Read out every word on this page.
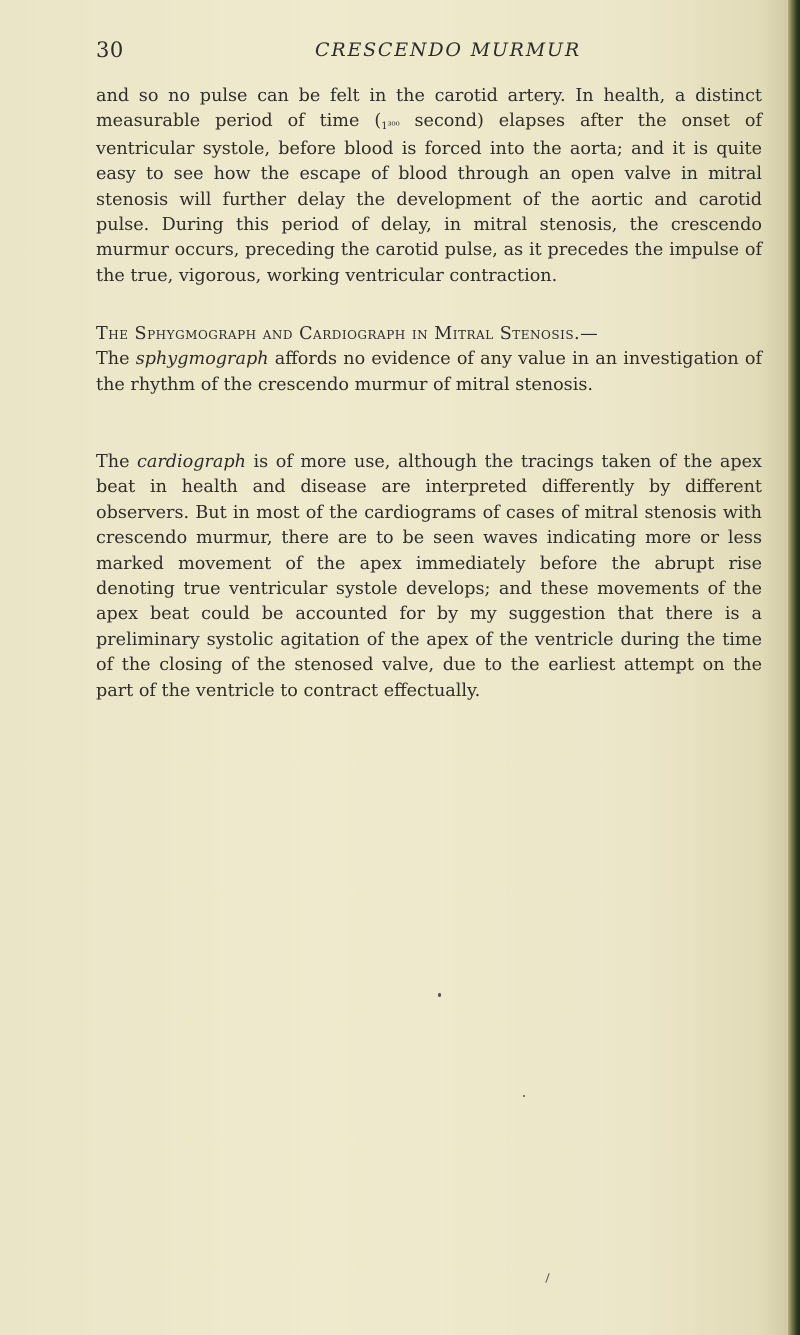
30	CRESCENDO MURMUR

and so no pulse can be felt in the carotid artery. In health, a distinct measurable period of time (1³⁰⁰ second) elapses after the onset of ventricular systole, before blood is forced into the aorta; and it is quite easy to see how the escape of blood through an open valve in mitral stenosis will further delay the development of the aortic and carotid pulse. During this period of delay, in mitral stenosis, the crescendo murmur occurs, preceding the carotid pulse, as it precedes the impulse of the true, vigorous, working ventricular contraction.

The Sphygmograph and Cardiograph in Mitral Stenosis.—
The sphygmograph affords no evidence of any value in an investigation of the rhythm of the crescendo murmur of mitral stenosis.

The cardiograph is of more use, although the tracings taken of the apex beat in health and disease are interpreted differently by different observers. But in most of the cardiograms of cases of mitral stenosis with crescendo murmur, there are to be seen waves indicating more or less marked movement of the apex immediately before the abrupt rise denoting true ventricular systole develops; and these movements of the apex beat could be accounted for by my suggestion that there is a preliminary systolic agitation of the apex of the ventricle during the time of the closing of the stenosed valve, due to the earliest attempt on the part of the ventricle to contract effectually.
